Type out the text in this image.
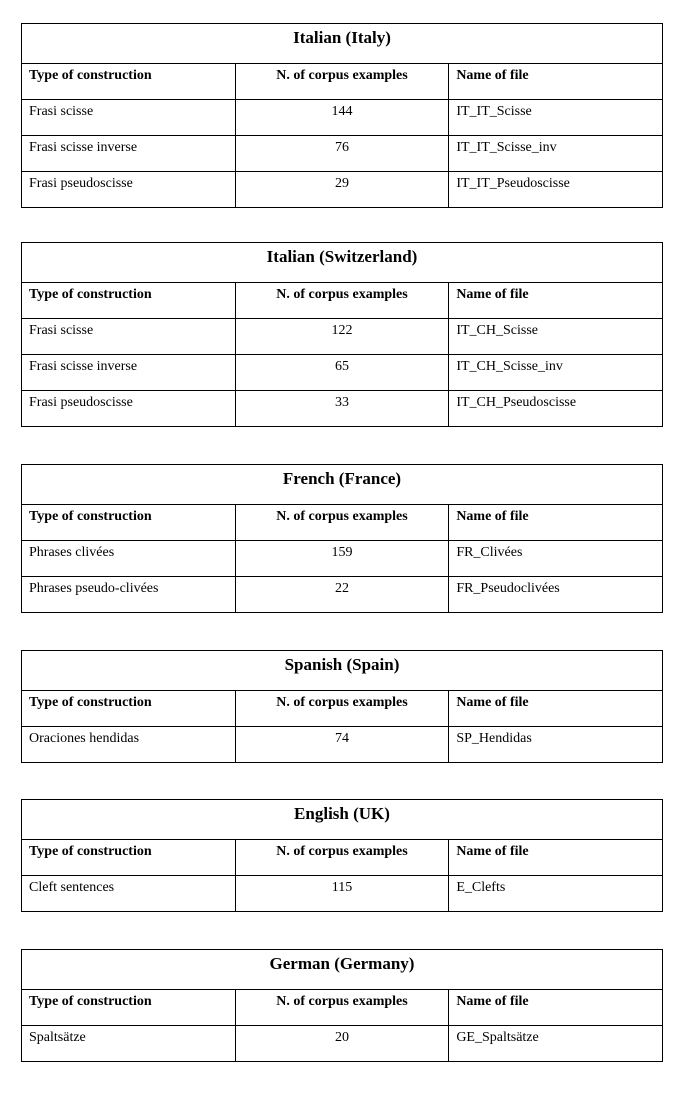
Italian (Italy)		
Type of construction	N. of corpus examples	Name of file
Frasi scisse	144	IT_IT_Scisse
Frasi scisse inverse	76	IT_IT_Scisse_inv
Frasi pseudoscisse	29	IT_IT_Pseudoscisse
Italian (Switzerland)		
Type of construction	N. of corpus examples	Name of file
Frasi scisse	122	IT_CH_Scisse
Frasi scisse inverse	65	IT_CH_Scisse_inv
Frasi pseudoscisse	33	IT_CH_Pseudoscisse
French (France)		
Type of construction	N. of corpus examples	Name of file
Phrases clivées	159	FR_Clivées
Phrases pseudo-clivées	22	FR_Pseudoclivées
Spanish (Spain)		
Type of construction	N. of corpus examples	Name of file
Oraciones hendidas	74	SP_Hendidas
English (UK)		
Type of construction	N. of corpus examples	Name of file
Cleft sentences	115	E_Clefts
German (Germany)		
Type of construction	N. of corpus examples	Name of file
Spaltsätze	20	GE_Spaltsätze
